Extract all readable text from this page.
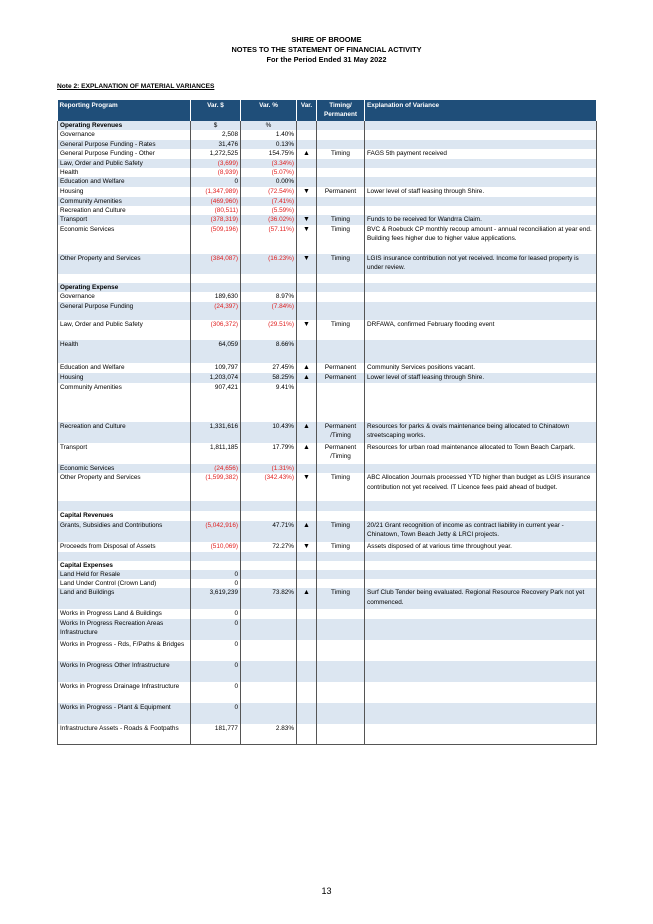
SHIRE OF BROOME
NOTES TO THE STATEMENT OF FINANCIAL ACTIVITY
For the Period Ended 31 May 2022
Note 2: EXPLANATION OF MATERIAL VARIANCES
Reporting Program	Var. $	Var. %	Var.	Timing/ Permanent	Explanation of Variance
Operating Revenues	$	%			
Governance	2,508	1.40%			
General Purpose Funding - Rates	31,476	0.13%			
General Purpose Funding - Other	1,272,525	154.75%	▲	Timing	FAGS 5th payment received
Law, Order and Public Safety	(3,699)	(3.34%)			
Health	(8,939)	(5.07%)			
Education and Welfare	0	0.00%			
Housing	(1,347,989)	(72.54%)	▼	Permanent	Lower level of staff leasing through Shire.
Community Amenities	(469,960)	(7.41%)			
Recreation and Culture	(80,511)	(5.59%)			
Transport	(378,319)	(36.02%)	▼	Timing	Funds to be received for Wandrra Claim.
Economic Services	(509,196)	(57.11%)	▼	Timing	BVC & Roebuck CP monthly recoup amount - annual reconciliation at year end. Building fees higher due to higher value applications.
Other Property and Services	(384,087)	(16.23%)	▼	Timing	LGIS insurance contribution not yet received. Income for leased property is under review.

Operating Expense					
Governance	189,630	8.97%			
General Purpose Funding	(24,397)	(7.84%)			
Law, Order and Public Safety	(306,372)	(29.51%)	▼	Timing	DRFAWA, confirmed February flooding event
Health	64,059	8.66%			
Education and Welfare	109,797	27.45%	▲	Permanent	Community Services positions vacant.
Housing	1,203,074	58.25%	▲	Permanent	Lower level of staff leasing through Shire.
Community Amenities	907,421	9.41%			
Recreation and Culture	1,331,616	10.43%	▲	Permanent /Timing	Resources for parks & ovals maintenance being allocated to Chinatown streetscaping works.
Transport	1,811,185	17.79%	▲	Permanent /Timing	Resources for urban road maintenance allocated to Town Beach Carpark.
Economic Services	(24,656)	(1.31%)			
Other Property and Services	(1,599,382)	(342.43%)	▼	Timing	ABC Allocation Journals processed YTD higher than budget as LGIS insurance contribution not yet received. IT Licence fees paid ahead of budget.

Capital Revenues					
Grants, Subsidies and Contributions	(5,042,916)	47.71%	▲	Timing	20/21 Grant recognition of income as contract liability in current year - Chinatown, Town Beach Jetty & LRCI projects.
Proceeds from Disposal of Assets	(510,069)	72.27%	▼	Timing	Assets disposed of at various time throughout year.

Capital Expenses					
Land Held for Resale	0				
Land Under Control (Crown Land)	0				
Land and Buildings	3,619,239	73.82%	▲	Timing	Surf Club Tender being evaluated. Regional Resource Recovery Park not yet commenced.
Works in Progress Land & Buildings	0				
Works In Progress Recreation Areas Infrastructure	0				
Works in Progress - Rds, F/Paths & Bridges	0				
Works In Progress Other Infrastructure	0				
Works in Progress Drainage Infrastructure	0				
Works in Progress - Plant & Equipment	0				
Infrastructure Assets - Roads & Footpaths	181,777	2.83%			
13
